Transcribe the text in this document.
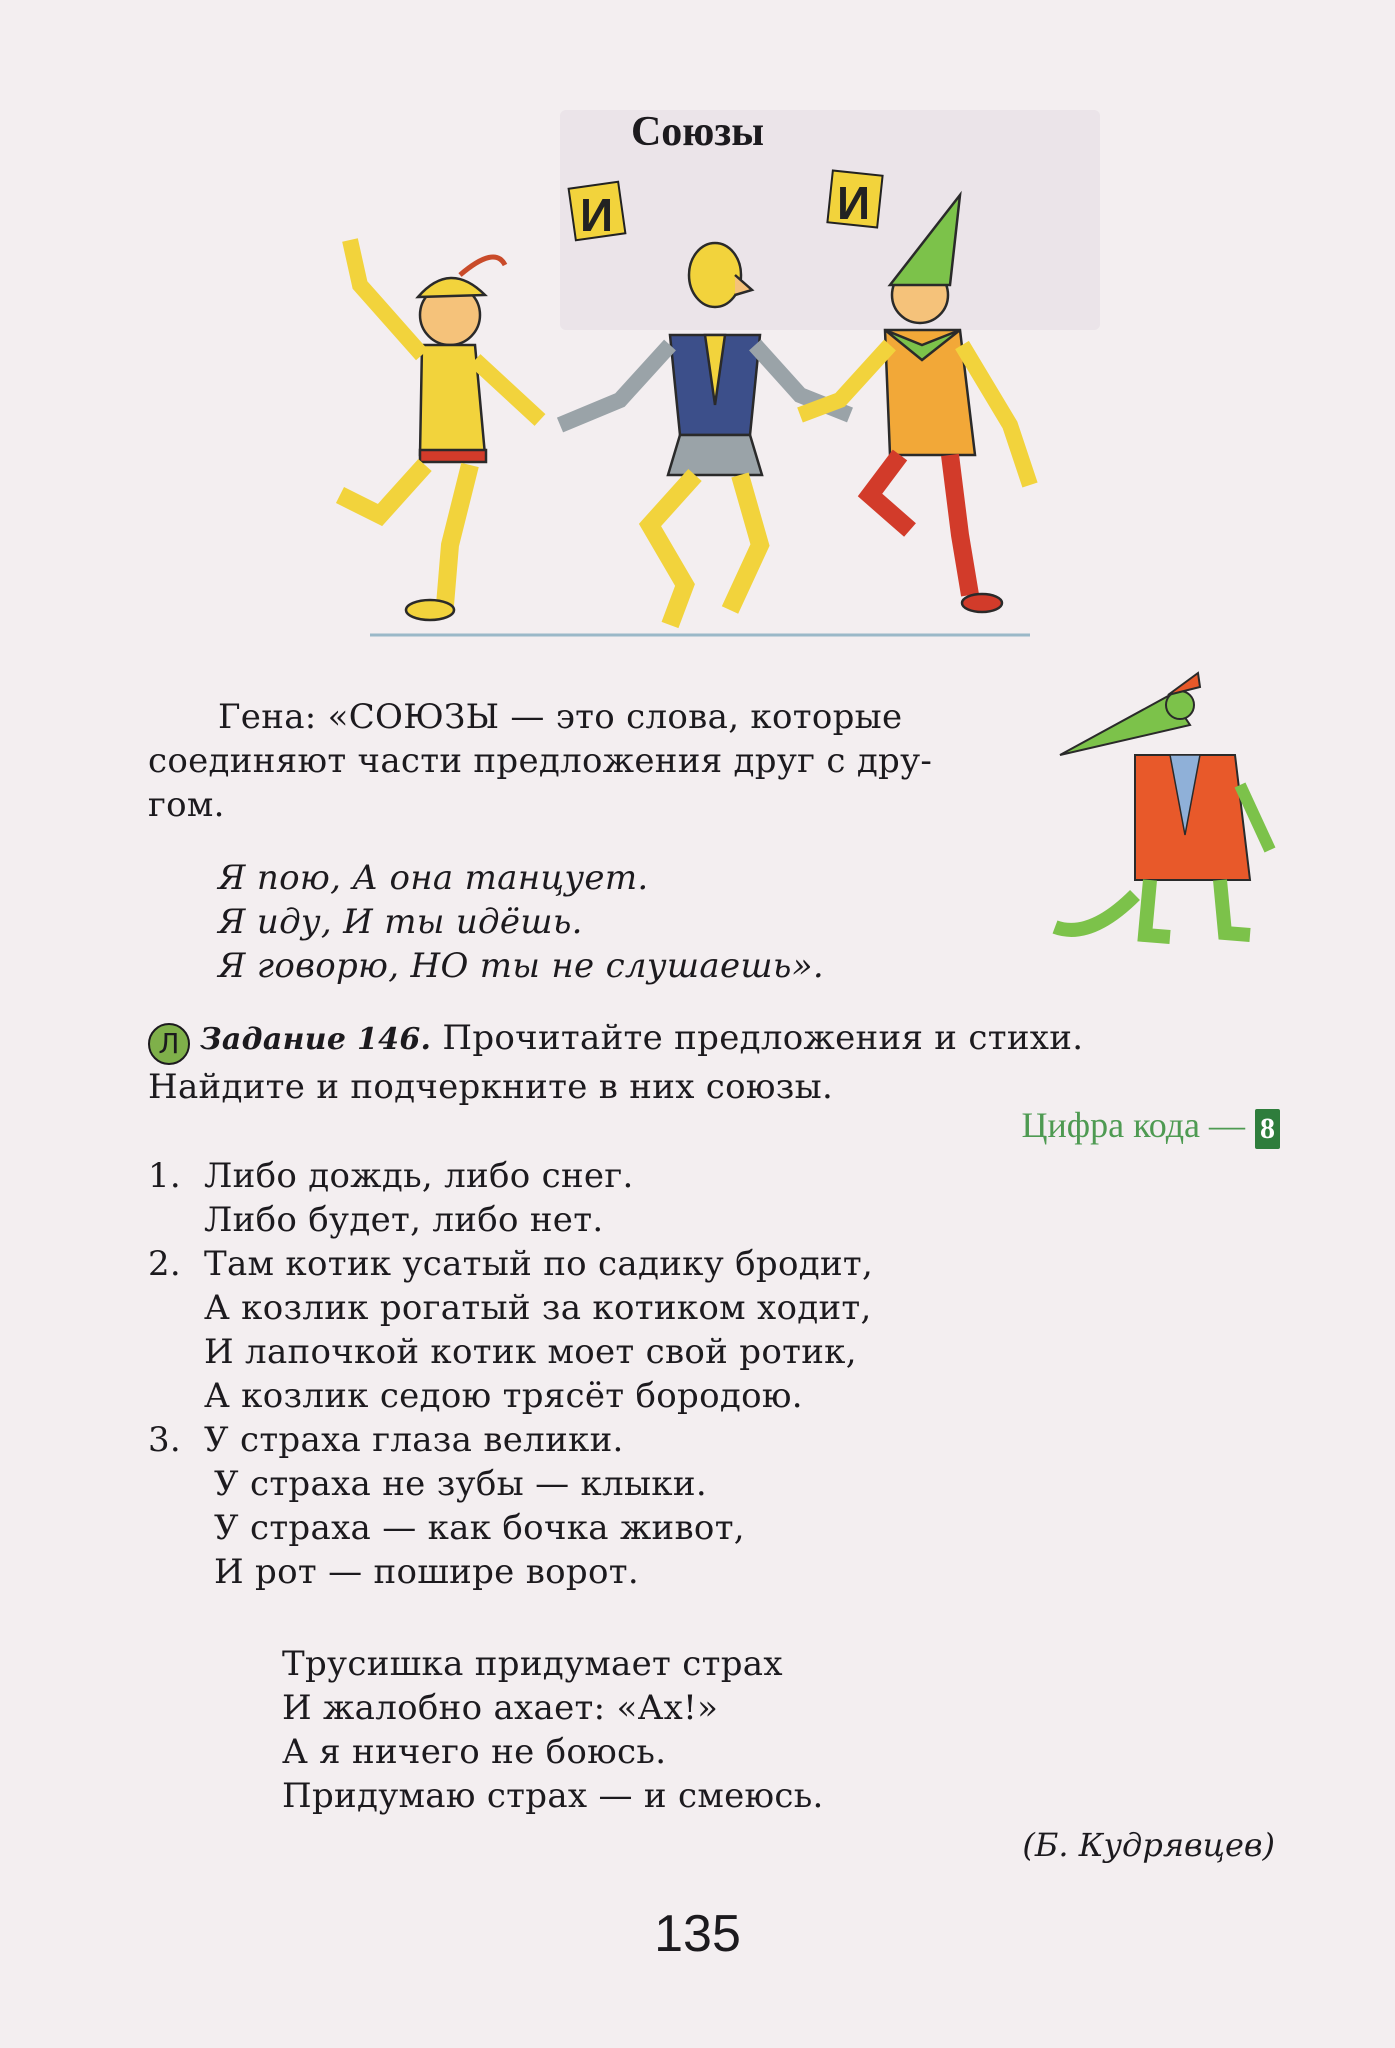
Союзы
И	И
Гена: «СОЮЗЫ — это слова, которые
соединяют части предложения друг с дру-
гом.
Я пою, А она танцует.
Я иду, И ты идёшь.
Я говорю, НО ты не слушаешь».
Л Задание 146. Прочитайте предложения и стихи.
Найдите и подчеркните в них союзы.
Цифра кода — 8
1. Либо дождь, либо снег.
Либо будет, либо нет.
2. Там котик усатый по садику бродит,
А козлик рогатый за котиком ходит,
И лапочкой котик моет свой ротик,
А козлик седою трясёт бородою.
3. У страха глаза велики.
У страха не зубы — клыки.
У страха — как бочка живот,
И рот — пошире ворот.
Трусишка придумает страх
И жалобно ахает: «Ах!»
А я ничего не боюсь.
Придумаю страх — и смеюсь.
(Б. Кудрявцев)
135
